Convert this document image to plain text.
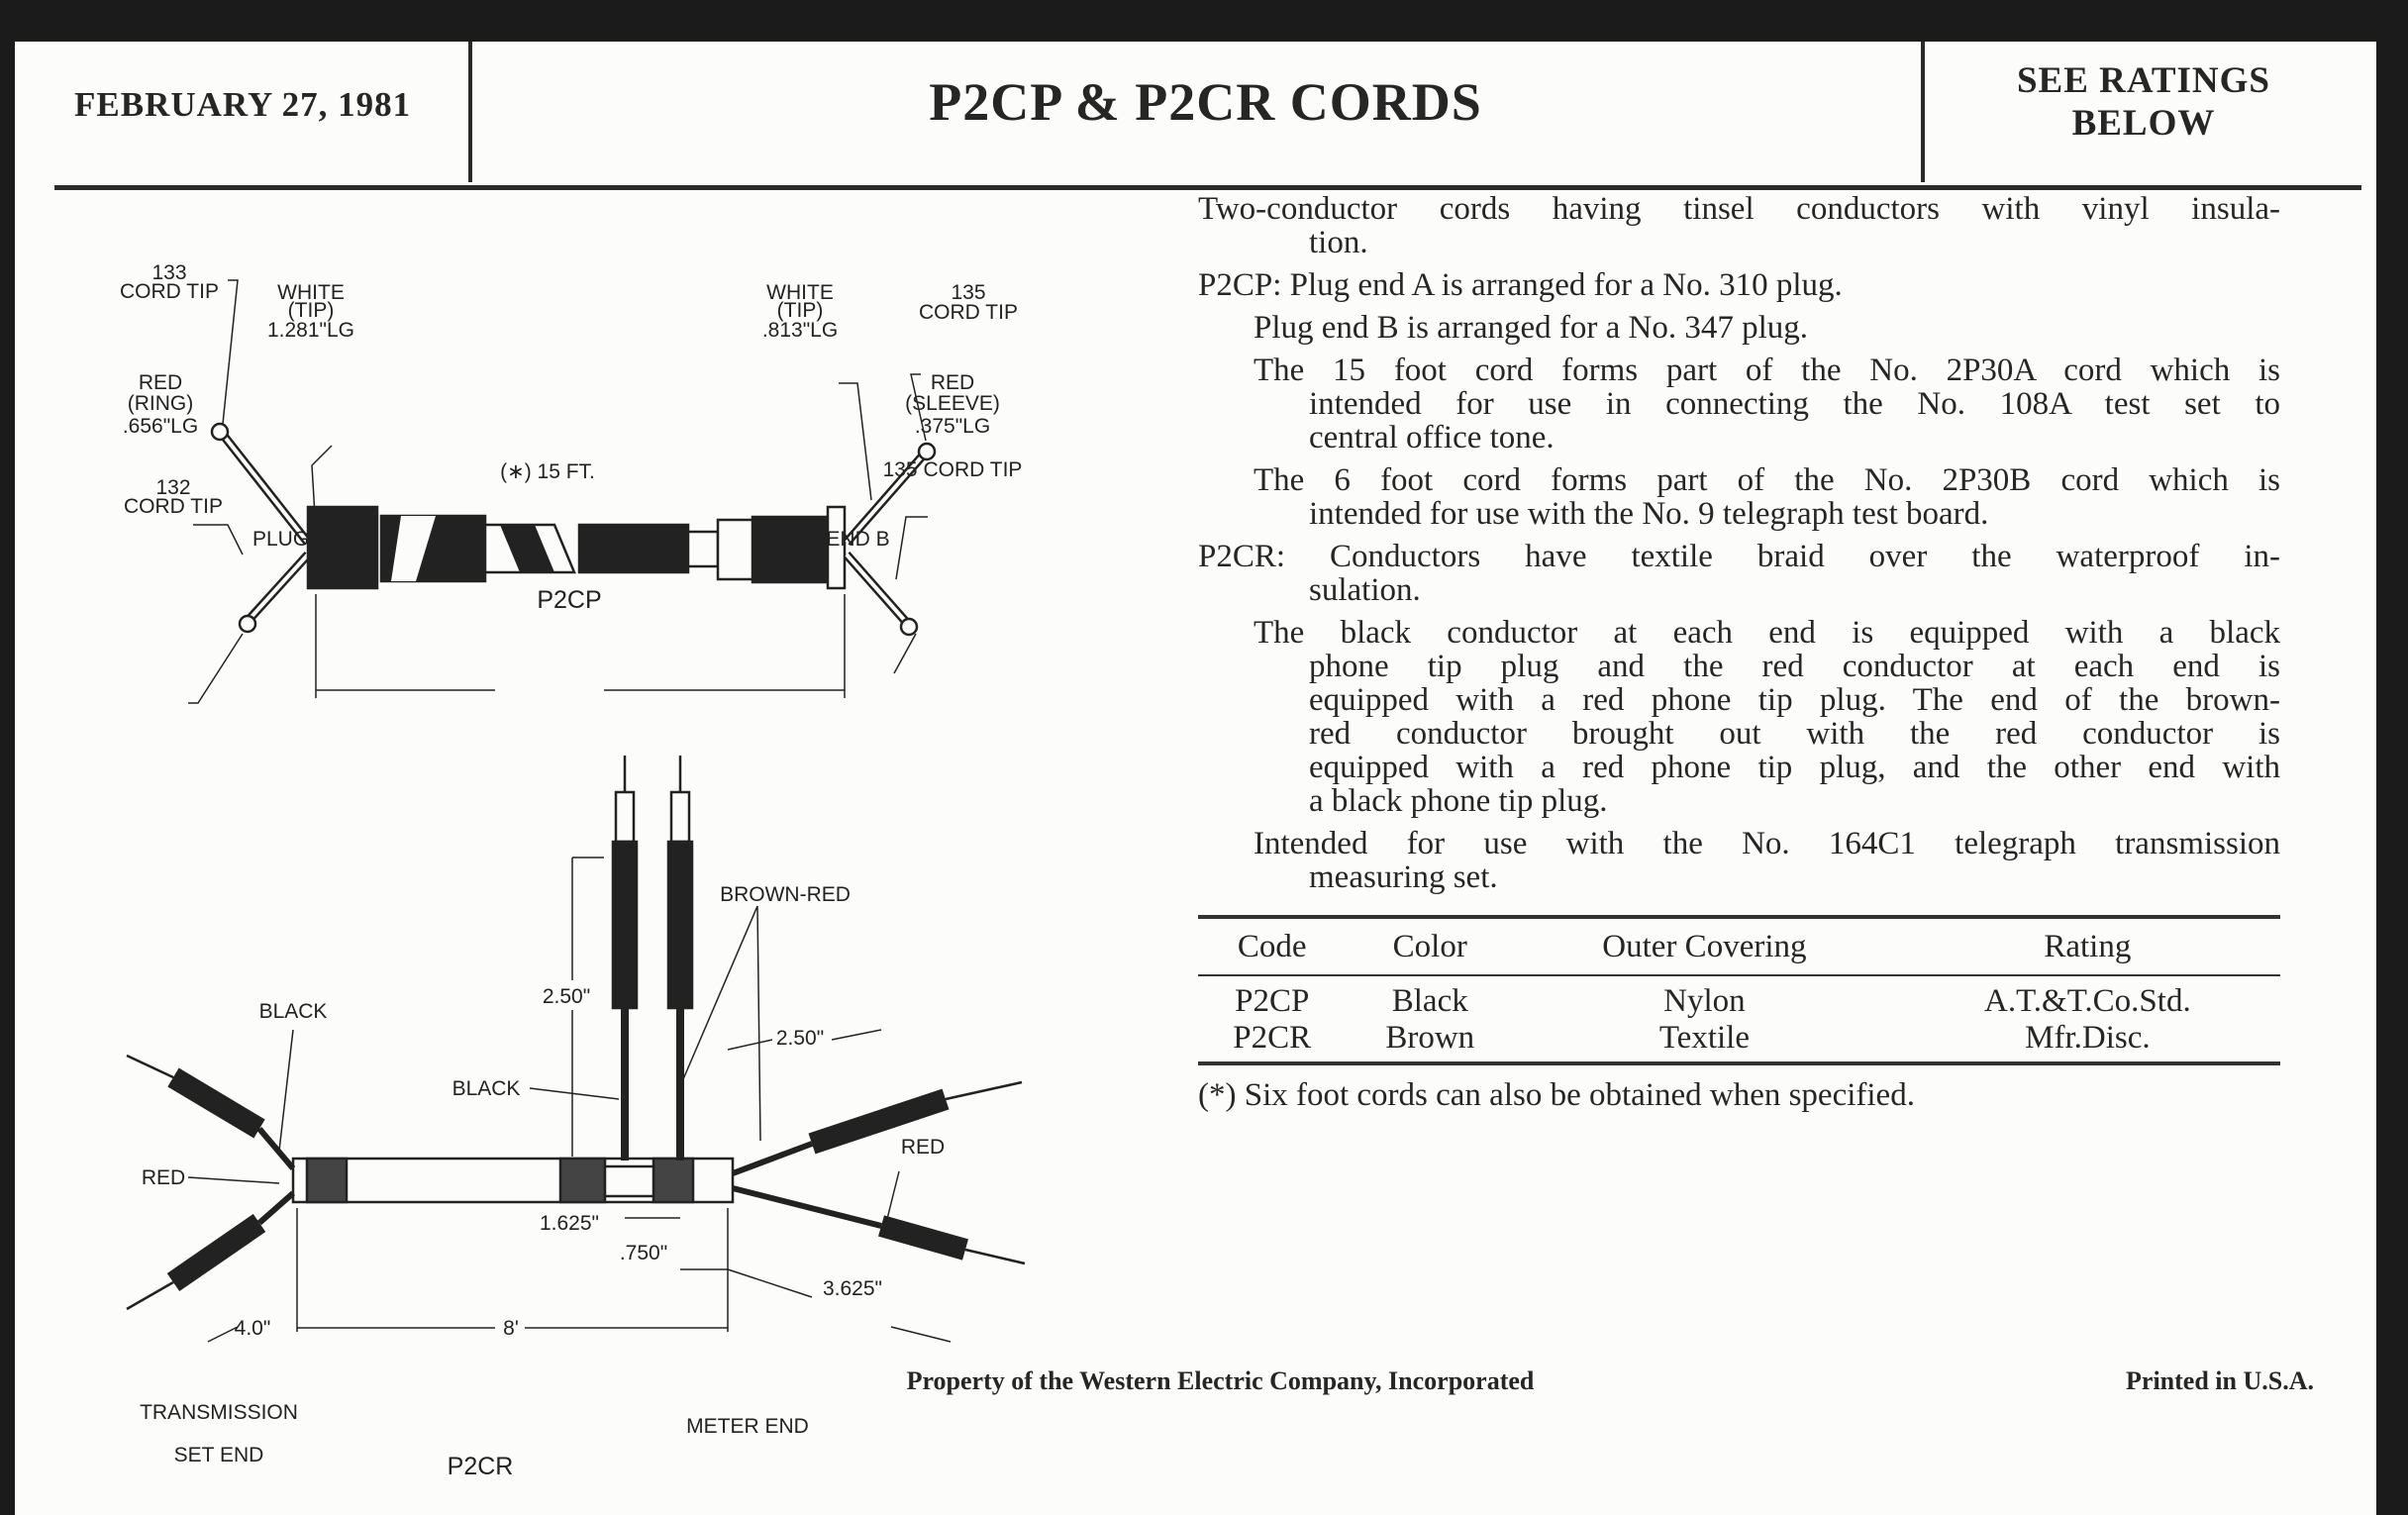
FEBRUARY 27, 1981	P2CP & P2CR CORDS	SEE RATINGS
BELOW
133
CORD TIP	WHITE
(TIP)
1.281"LG
RED
(RING)
.656"LG
132
CORD TIP
PLUG END A
WHITE
(TIP)
.813"LG
135
CORD TIP
RED
(SLEEVE)
.375"LG
135 CORD TIP
PLUG END B
(∗) 15 FT.
P2CP
BLACK
RED
TRANSMISSION
SET END
4.0"	8'
P2CR
METER END
2.50"
BLACK
BROWN-RED
2.50"
RED
1.625"
.750"
3.625"
Two-conductor cords having tinsel conductors with vinyl insula-
tion.
P2CP: Plug end A is arranged for a No. 310 plug.
Plug end B is arranged for a No. 347 plug.
The 15 foot cord forms part of the No. 2P30A cord which is
intended for use in connecting the No. 108A test set to
central office tone.
The 6 foot cord forms part of the No. 2P30B cord which is
intended for use with the No. 9 telegraph test board.
P2CR: Conductors have textile braid over the waterproof in-
sulation.
The black conductor at each end is equipped with a black
phone tip plug and the red conductor at each end is
equipped with a red phone tip plug. The end of the brown-
red conductor brought out with the red conductor is
equipped with a red phone tip plug, and the other end with
a black phone tip plug.
Intended for use with the No. 164C1 telegraph transmission
measuring set.
Code	Color	Outer Covering	Rating
P2CP	Black	Nylon	A.T.&T.Co.Std.
P2CR	Brown	Textile	Mfr.Disc.
(*) Six foot cords can also be obtained when specified.
Property of the Western Electric Company, Incorporated	Printed in U.S.A.
